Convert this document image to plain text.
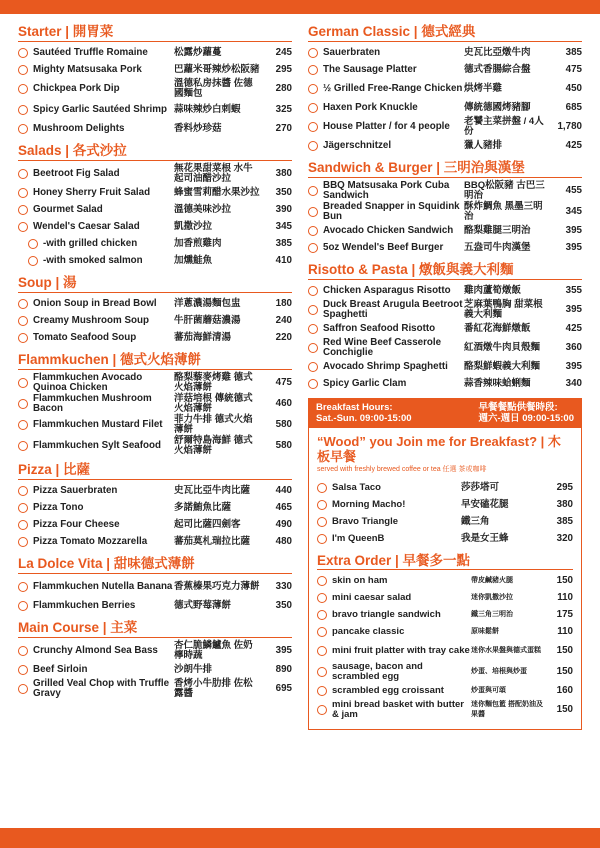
Starter | 開胃菜
Sautéed Truffle Romaine	松露炒蘿蔓	245
Mighty Matsusaka Pork	巴蘿米哥辣炒松阪豬	295
Chickpea Pork Dip	溫德私房抹醬 佐德國麵包	280
Spicy Garlic Sautéed Shrimp 蒜味辣炒白刺蝦	325
Mushroom Delights	香料炒珍菇	270
Salads | 各式沙拉
Beetroot Fig Salad	無花果甜菜根 水牛起司油醋沙拉	380
Honey Sherry Fruit Salad	蜂蜜雪莉醋水果沙拉	350
Gourmet Salad	溫德美味沙拉	390
Wendel's Caesar Salad	凱撒沙拉	345
-with grilled chicken	加香煎雞肉	385
-with smoked salmon	加燻鮭魚	410
Soup | 湯
Onion Soup in Bread Bowl	洋蔥濃湯麵包盅	180
Creamy Mushroom Soup	牛肝菌蘑菇濃湯	240
Tomato Seafood Soup	蕃茄海鮮清湯	220
Flammkuchen | 德式火焰薄餅
Flammkuchen Avocado Quinoa Chicken
酪梨藜麥烤雞 德式火焰薄餅	475
Flammkuchen Mushroom Bacon
洋菇培根 傳統德式火焰薄餅	460
Flammkuchen Mustard Filet	菲力牛排 德式火焰薄餅	580
Flammkuchen Sylt Seafood	舒爾特島海鮮 德式火焰薄餅	580
Pizza | 比薩
Pizza Sauerbraten	史瓦比亞牛肉比薩	440
Pizza Tono	多諾鮪魚比薩	465
Pizza Four Cheese	起司比薩四劍客	490
Pizza Tomato Mozzarella	蕃茄莫札瑞拉比薩	480
La Dolce Vita | 甜味德式薄餅
Flammkuchen Nutella Banana 香蕉榛果巧克力薄餅	330
Flammkuchen Berries	德式野莓薄餅	350
Main Course | 主菜
Crunchy Almond Sea Bass	杏仁脆鱗鱸魚 佐奶檸時蔬	395
Beef Sirloin	沙朗牛排	890
Grilled Veal Chop with Truffle Gravy
香烤小牛肋排 佐松露醬	695
German Classic | 德式經典
Sauerbraten	史瓦比亞燉牛肉	385
The Sausage Platter	德式香腸綜合盤	475
½ Grilled Free-Range Chicken 烘烤半雞	450
Haxen Pork Knuckle	傳統德國烤豬腳	685
House Platter / for 4 people	老饕主菜拼盤 / 4人份	1,780
Jägerschnitzel	獵人豬排	425
Sandwich & Burger | 三明治與漢堡
BBQ Matsusaka Pork Cuba Sandwich
BBQ松阪豬 古巴三明治	455
Breaded Snapper in Squidink Bun
酥炸鯛魚 黑墨三明治	345
Avocado Chicken Sandwich	酪梨雞腿三明治	395
5oz Wendel's Beef Burger	五盎司牛肉漢堡	395
Risotto & Pasta | 燉飯與義大利麵
Chicken Asparagus Risotto	雞肉蘆筍燉飯	355
Duck Breast Arugula Beetroot Spaghetti
芝麻葉鴨胸 甜菜根義大利麵	395
Saffron Seafood Risotto	番紅花海鮮燉飯	425
Red Wine Beef Casserole Conchiglie	紅酒燉牛肉貝殼麵	360
Avocado Shrimp Spaghetti	酪梨鮮蝦義大利麵	395
Spicy Garlic Clam	蒜香辣味蛤蜊麵	340
Breakfast Hours:
Sat.-Sun. 09:00-15:00
早餐餐點供餐時段:
週六-週日 09:00-15:00
“Wood” you Join me for Breakfast? | 木板早餐
served with freshly brewed coffee or tea 任選 茶或咖啡
Salsa Taco	莎莎塔可	295
Morning Macho!	早安磕花腿	380
Bravo Triangle	鐵三角	385
I'm QueenB	我是女王蜂	320
Extra Order | 早餐多一點
skin on ham	帶皮鹹豬火腿	150
mini caesar salad	迷你凱撒沙拉	110
bravo triangle sandwich	鐵三角三明治	175
pancake classic	原味鬆餅	110
mini fruit platter with tray cake 迷你水果盤與德式蛋糕	150
sausage, bacon and scrambled egg	炒蛋、培根與炒蛋	150
scrambled egg croissant	炒蛋與可頌	160
mini bread basket with butter & jam
迷你麵包籃 搭配奶油及果醬	150
